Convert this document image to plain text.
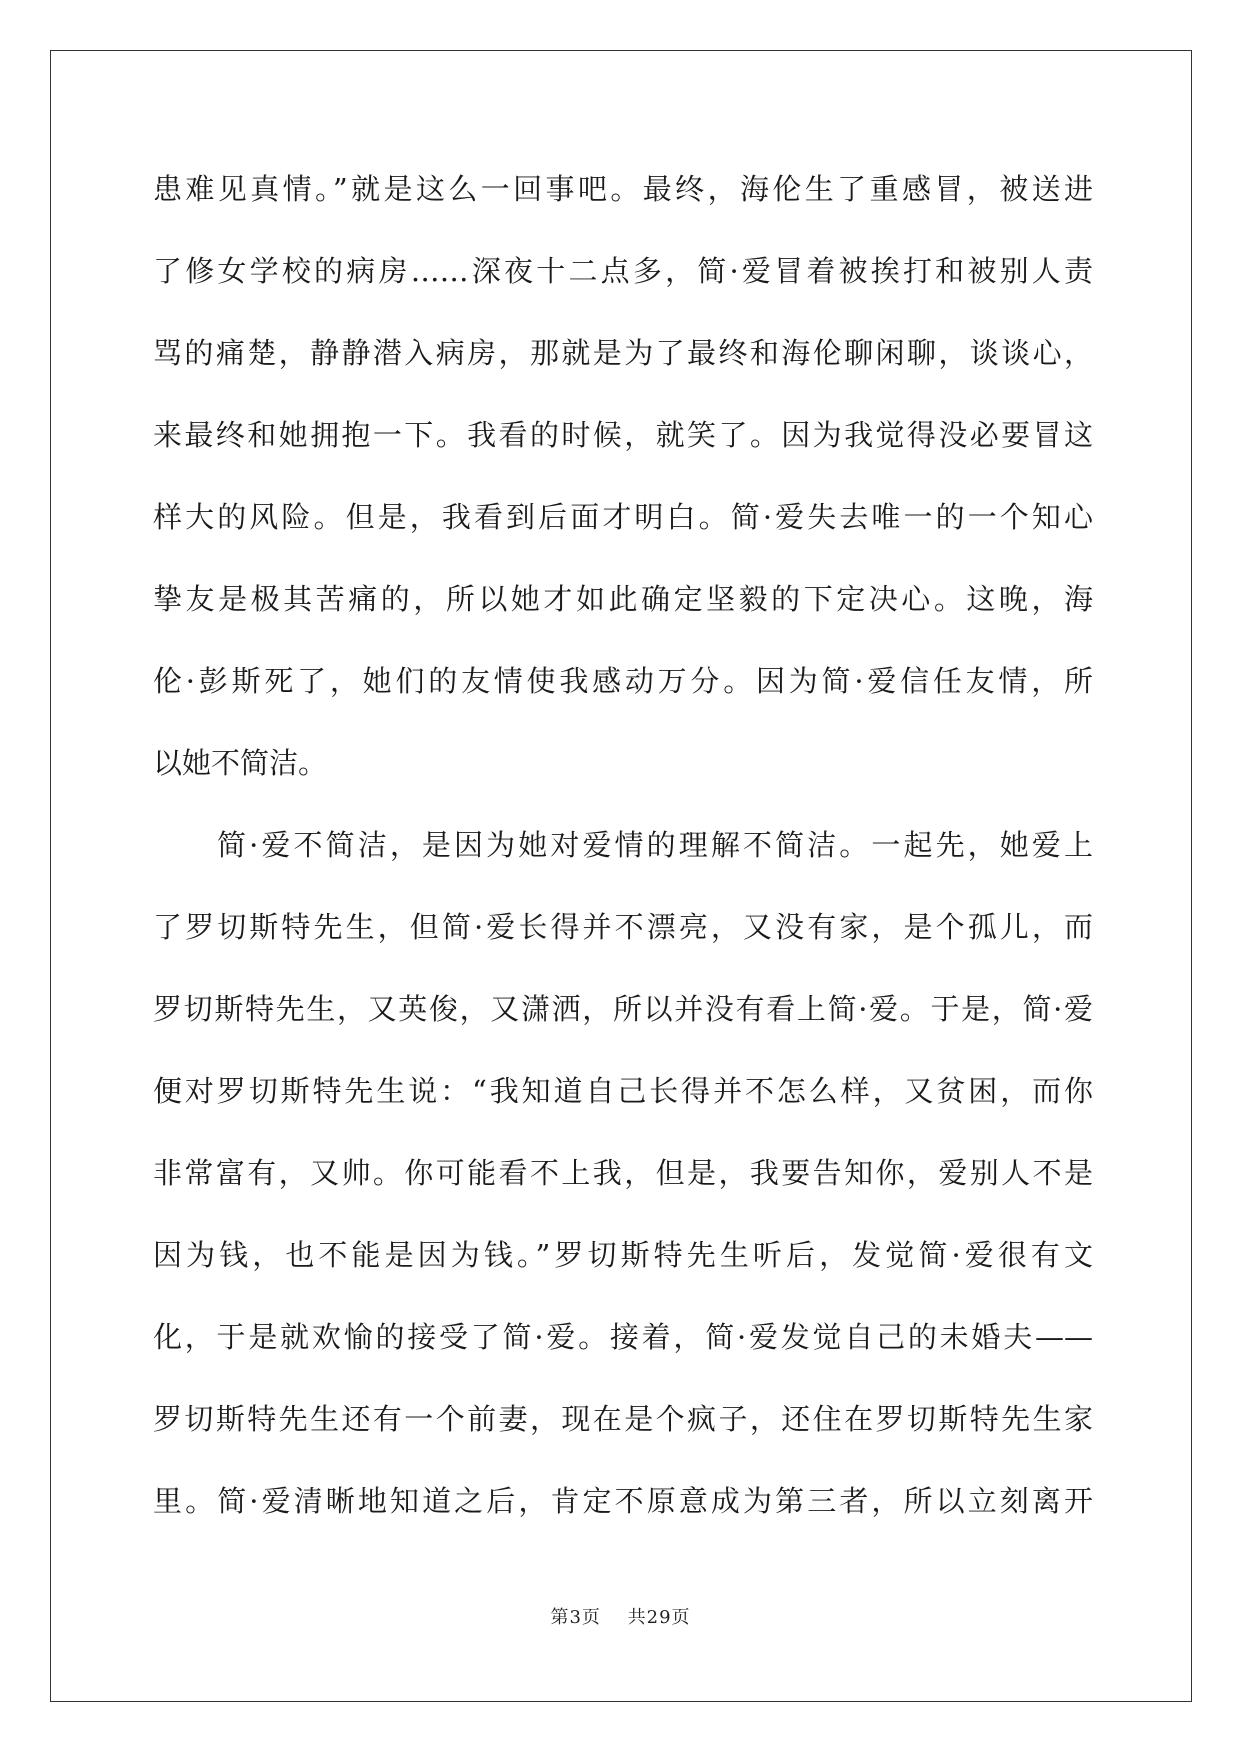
患难见真情。”就是这么一回事吧。最终，海伦生了重感冒，被送进
了修女学校的病房……深夜十二点多，简·爱冒着被挨打和被别人责
骂的痛楚，静静潜入病房，那就是为了最终和海伦聊闲聊，谈谈心，
来最终和她拥抱一下。我看的时候，就笑了。因为我觉得没必要冒这
样大的风险。但是，我看到后面才明白。简·爱失去唯一的一个知心
挚友是极其苦痛的，所以她才如此确定坚毅的下定决心。这晚，海
伦·彭斯死了，她们的友情使我感动万分。因为简·爱信任友情，所
以她不简洁。
简·爱不简洁，是因为她对爱情的理解不简洁。一起先，她爱上
了罗切斯特先生，但简·爱长得并不漂亮，又没有家，是个孤儿，而
罗切斯特先生，又英俊，又潇洒，所以并没有看上简·爱。于是，简·爱
便对罗切斯特先生说：“我知道自己长得并不怎么样，又贫困，而你
非常富有，又帅。你可能看不上我，但是，我要告知你，爱别人不是
因为钱，也不能是因为钱。”罗切斯特先生听后，发觉简·爱很有文
化，于是就欢愉的接受了简·爱。接着，简·爱发觉自己的未婚夫——
罗切斯特先生还有一个前妻，现在是个疯子，还住在罗切斯特先生家
里。简·爱清晰地知道之后，肯定不原意成为第三者，所以立刻离开
第3页 共29页
